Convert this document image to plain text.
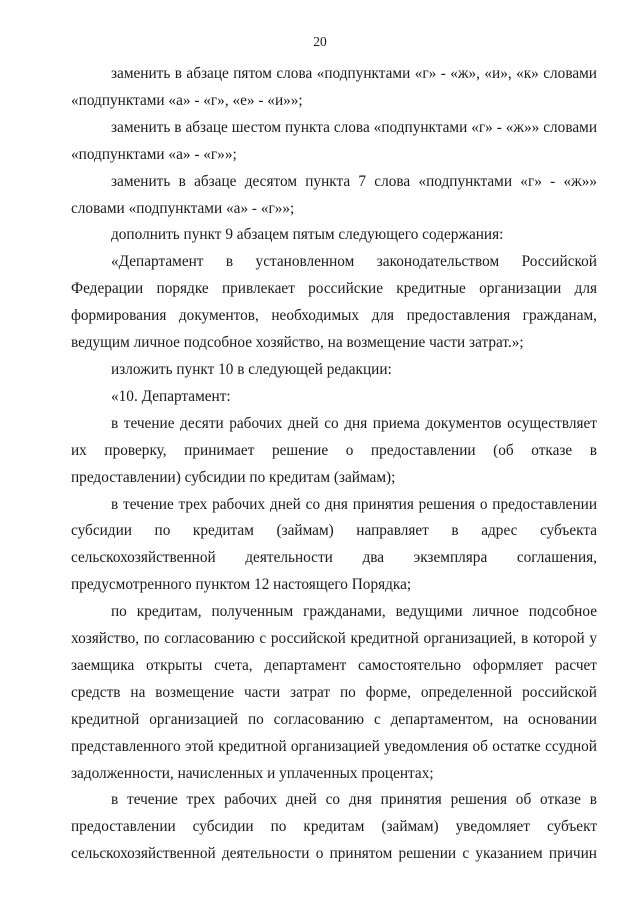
20

заменить в абзаце пятом слова «подпунктами «г» - «ж», «и», «к» словами «подпунктами «а» - «г», «е» - «и»»;

заменить в абзаце шестом пункта слова «подпунктами «г» - «ж»» словами «подпунктами «а» - «г»»;

заменить в абзаце десятом пункта 7 слова «подпунктами «г» - «ж»» словами «подпунктами «а» - «г»»;

дополнить пункт 9 абзацем пятым следующего содержания:

«Департамент в установленном законодательством Российской Федерации порядке привлекает российские кредитные организации для формирования документов, необходимых для предоставления гражданам, ведущим личное подсобное хозяйство, на возмещение части затрат.»;

изложить пункт 10 в следующей редакции:

«10. Департамент:

в течение десяти рабочих дней со дня приема документов осуществляет их проверку, принимает решение о предоставлении (об отказе в предоставлении) субсидии по кредитам (займам);

в течение трех рабочих дней со дня принятия решения о предоставлении субсидии по кредитам (займам) направляет в адрес субъекта сельскохозяйственной деятельности два экземпляра соглашения, предусмотренного пунктом 12 настоящего Порядка;

по кредитам, полученным гражданами, ведущими личное подсобное хозяйство, по согласованию с российской кредитной организацией, в которой у заемщика открыты счета, департамент самостоятельно оформляет расчет средств на возмещение части затрат по форме, определенной российской кредитной организацией по согласованию с департаментом, на основании представленного этой кредитной организацией уведомления об остатке ссудной задолженности, начисленных и уплаченных процентах;

в течение трех рабочих дней со дня принятия решения об отказе в предоставлении субсидии по кредитам (займам) уведомляет субъект сельскохозяйственной деятельности о принятом решении с указанием причин
